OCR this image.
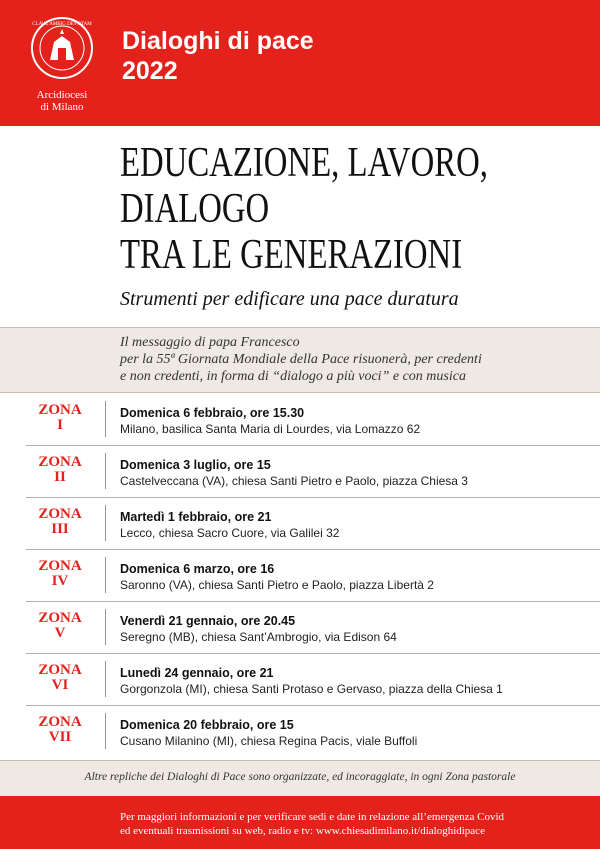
CLAVE AMBIG DEVOTAM
Arcidiocesi
di Milano
Dialoghi di pace
2022
EDUCAZIONE, LAVORO,
DIALOGO
TRA LE GENERAZIONI
Strumenti per edificare una pace duratura
Il messaggio di papa Francesco
per la 55ª Giornata Mondiale della Pace risuonerà, per credenti
e non credenti, in forma di “dialogo a più voci” e con musica
ZONA
I
Domenica 6 febbraio, ore 15.30
Milano, basilica Santa Maria di Lourdes, via Lomazzo 62
ZONA
II
Domenica 3 luglio, ore 15
Castelveccana (VA), chiesa Santi Pietro e Paolo, piazza Chiesa 3
ZONA
III
Martedì 1 febbraio, ore 21
Lecco, chiesa Sacro Cuore, via Galilei 32
ZONA
IV
Domenica 6 marzo, ore 16
Saronno (VA), chiesa Santi Pietro e Paolo, piazza Libertà 2
ZONA
V
Venerdì 21 gennaio, ore 20.45
Seregno (MB), chiesa Sant’Ambrogio, via Edison 64
ZONA
VI
Lunedì 24 gennaio, ore 21
Gorgonzola (MI), chiesa Santi Protaso e Gervaso, piazza della Chiesa 1
ZONA
VII
Domenica 20 febbraio, ore 15
Cusano Milanino (MI), chiesa Regina Pacis, viale Buffoli
Altre repliche dei Dialoghi di Pace sono organizzate, ed incoraggiate, in ogni Zona pastorale
Per maggiori informazioni e per verificare sedi e date in relazione all’emergenza Covid
ed eventuali trasmissioni su web, radio e tv: www.chiesadimilano.it/dialoghidipace
